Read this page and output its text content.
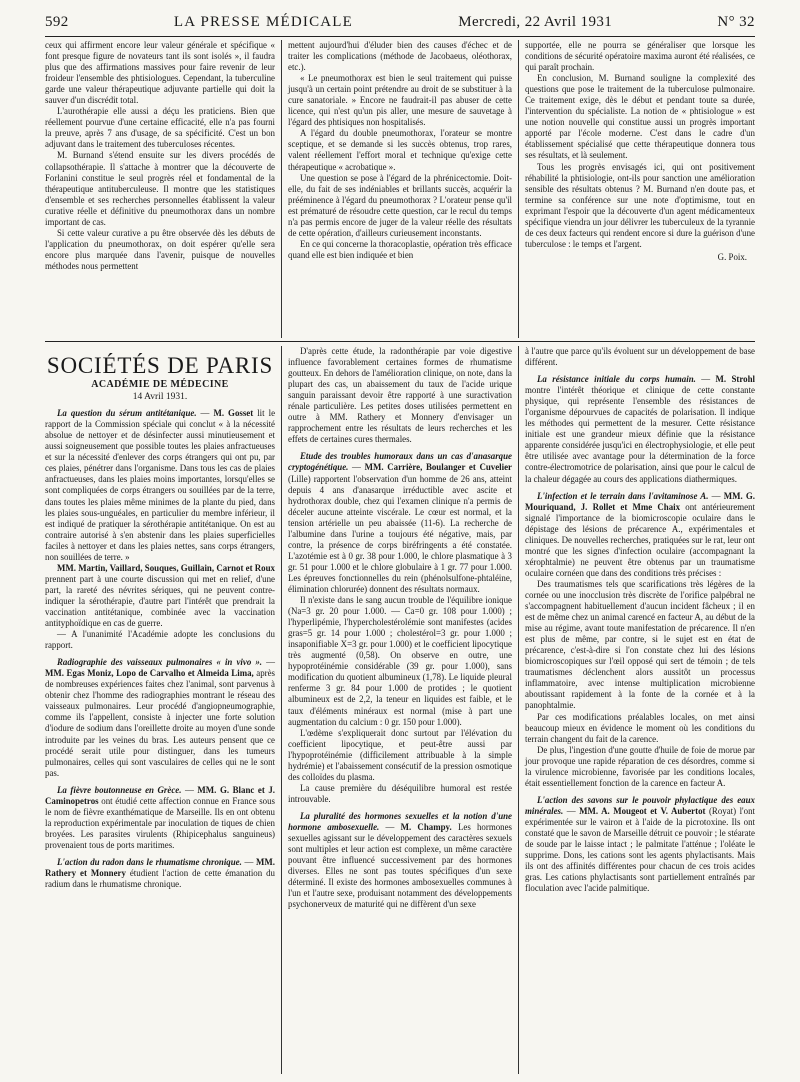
592	LA PRESSE MÉDICALE	Mercredi, 22 Avril 1931	N° 32

ceux qui affirment encore leur valeur générale et spécifique « font presque figure de novateurs tant ils sont isolés », il faudra plus que des affirmations massives pour faire revenir de leur froideur l'ensemble des phtisiologues. Cependant, la tuberculine garde une valeur thérapeutique adjuvante partielle qui doit la sauver d'un discrédit total.

L'aurothérapie elle aussi a déçu les praticiens. Bien que réellement pourvue d'une certaine efficacité, elle n'a pas fourni la preuve, après 7 ans d'usage, de sa spécificité. C'est un bon adjuvant dans le traitement des tuberculoses récentes.

M. Burnand s'étend ensuite sur les divers procédés de collapsothérapie. Il s'attache à montrer que la découverte de Forlanini constitue le seul progrès réel et fondamental de la thérapeutique antituberculeuse. Il montre que les statistiques d'ensemble et ses recherches personnelles établissent la valeur curative réelle et définitive du pneumothorax dans un nombre important de cas.

Si cette valeur curative a pu être observée dès les débuts de l'application du pneumothorax, on doit espérer qu'elle sera encore plus marquée dans l'avenir, puisque de nouvelles méthodes nous permettent

mettent aujourd'hui d'éluder bien des causes d'échec et de traiter les complications (méthode de Jacobaeus, oléothorax, etc.).

« Le pneumothorax est bien le seul traitement qui puisse jusqu'à un certain point prétendre au droit de se substituer à la cure sanatoriale. » Encore ne faudrait-il pas abuser de cette licence, qui n'est qu'un pis aller, une mesure de sauvetage à l'égard des phtisiques non hospitalisés.

A l'égard du double pneumothorax, l'orateur se montre sceptique, et se demande si les succès obtenus, trop rares, valent réellement l'effort moral et technique qu'exige cette thérapeutique « acrobatique ».

Une question se pose à l'égard de la phrénicectomie. Doit-elle, du fait de ses indéniables et brillants succès, acquérir la prééminence à l'égard du pneumothorax ? L'orateur pense qu'il est prématuré de résoudre cette question, car le recul du temps n'a pas permis encore de juger de la valeur réelle des résultats de cette opération, d'ailleurs curieusement inconstants.

En ce qui concerne la thoracoplastie, opération très efficace quand elle est bien indiquée et bien

supportée, elle ne pourra se généraliser que lorsque les conditions de sécurité opératoire maxima auront été réalisées, ce qui paraît prochain.

En conclusion, M. Burnand souligne la complexité des questions que pose le traitement de la tuberculose pulmonaire. Ce traitement exige, dès le début et pendant toute sa durée, l'intervention du spécialiste. La notion de « phtisiologue » est une notion nouvelle qui constitue aussi un progrès important apporté par l'école moderne. C'est dans le cadre d'un établissement spécialisé que cette thérapeutique donnera tous ses résultats, et là seulement.

Tous les progrès envisagés ici, qui ont positivement réhabilité la phtisiologie, ont-ils pour sanction une amélioration sensible des résultats obtenus ? M. Burnand n'en doute pas, et termine sa conférence sur une note d'optimisme, tout en exprimant l'espoir que la découverte d'un agent médicamenteux spécifique viendra un jour délivrer les tuberculeux de la tyrannie de ces deux facteurs qui rendent encore si dure la guérison d'une tuberculose : le temps et l'argent.

G. Poix.
SOCIÉTÉS DE PARIS
ACADÉMIE DE MÉDECINE
14 Avril 1931.

La question du sérum antitétanique. — M. Gosset lit le rapport de la Commission spéciale qui conclut « à la nécessité absolue de nettoyer et de désinfecter aussi minutieusement et aussi soigneusement que possible toutes les plaies anfractueuses et sur la nécessité d'enlever des corps étrangers qui ont pu, par ces plaies, pénétrer dans l'organisme. Dans tous les cas de plaies anfractueuses, dans les plaies moins importantes, lorsqu'elles se sont compliquées de corps étrangers ou souillées par de la terre, dans toutes les plaies même minimes de la plante du pied, dans les plaies sous-unguéales, en particulier du membre inférieur, il est indiqué de pratiquer la sérothérapie antitétanique. On est au contraire autorisé à s'en abstenir dans les plaies superficielles faciles à nettoyer et dans les plaies nettes, sans corps étrangers, non souillées de terre. »

MM. Martin, Vaillard, Souques, Guillain, Carnot et Roux prennent part à une courte discussion qui met en relief, d'une part, la rareté des névrites sériques, qui ne peuvent contre-indiquer la sérothérapie, d'autre part l'intérêt que prendrait la vaccination antitétanique, combinée avec la vaccination antityphoïdique en cas de guerre.

— A l'unanimité l'Académie adopte les conclusions du rapport.

Radiographie des vaisseaux pulmonaires « in vivo ». — MM. Egas Moniz, Lopo de Carvalho et Almeida Lima, après de nombreuses expériences faites chez l'animal, sont parvenus à obtenir chez l'homme des radiographies montrant le réseau des vaisseaux pulmonaires. Leur procédé d'angiopneumographie, comme ils l'appellent, consiste à injecter une forte solution d'iodure de sodium dans l'oreillette droite au moyen d'une sonde introduite par les veines du bras. Les auteurs pensent que ce procédé serait utile pour distinguer, dans les tumeurs pulmonaires, celles qui sont vasculaires de celles qui ne le sont pas.

La fièvre boutonneuse en Grèce. — MM. G. Blanc et J. Caminopetros ont étudié cette affection connue en France sous le nom de fièvre exanthématique de Marseille. Ils en ont obtenu la reproduction expérimentale par inoculation de tiques de chien broyées. Les parasites virulents (Rhipicephalus sanguineus) provenaient tous de ports maritimes.

L'action du radon dans le rhumatisme chronique. — MM. Rathery et Monnery étudient l'action de cette émanation du radium dans le rhumatisme chronique.

D'après cette étude, la radonthérapie par voie digestive influence favorablement certaines formes de rhumatisme goutteux. En dehors de l'amélioration clinique, on note, dans la plupart des cas, un abaissement du taux de l'acide urique sanguin paraissant devoir être rapporté à une suractivation rénale particulière. Les petites doses utilisées permettent en outre à MM. Rathery et Monnery d'envisager un rapprochement entre les résultats de leurs recherches et les effets de certaines cures thermales.

Etude des troubles humoraux dans un cas d'anasarque cryptogénétique. — MM. Carrière, Boulanger et Cuvelier (Lille) rapportent l'observation d'un homme de 26 ans, atteint depuis 4 ans d'anasarque irréductible avec ascite et hydrothorax double, chez qui l'examen clinique n'a permis de déceler aucune atteinte viscérale. Le cœur est normal, et la tension artérielle un peu abaissée (11-6). La recherche de l'albumine dans l'urine a toujours été négative, mais, par contre, la présence de corps biréfringents a été constatée. L'azotémie est à 0 gr. 38 pour 1.000, le chlore plasmatique à 3 gr. 51 pour 1.000 et le chlore globulaire à 1 gr. 77 pour 1.000. Les épreuves fonctionnelles du rein (phénolsulfone-phtaléine, élimination chlorurée) donnent des résultats normaux.

Il n'existe dans le sang aucun trouble de l'équilibre ionique (Na=3 gr. 20 pour 1.000. — Ca=0 gr. 108 pour 1.000) ; l'hyperlipémie, l'hypercholestérolémie sont manifestes (acides gras=5 gr. 14 pour 1.000 ; cholestérol=3 gr. pour 1.000 ; insaponifiable X=3 gr. pour 1.000) et le coefficient lipocytique très augmenté (0,58). On observe en outre, une hypoprotéinémie considérable (39 gr. pour 1.000), sans modification du quotient albumineux (1,78). Le liquide pleural renferme 3 gr. 84 pour 1.000 de protides ; le quotient albumineux est de 2,2, la teneur en liquides est faible, et le taux d'éléments minéraux est normal (mise à part une augmentation du calcium : 0 gr. 150 pour 1.000).

L'œdème s'expliquerait donc surtout par l'élévation du coefficient lipocytique, et peut-être aussi par l'hypoprotéinémie (difficilement attribuable à la simple hydrémie) et l'abaissement consécutif de la pression osmotique des colloïdes du plasma.

La cause première du déséquilibre humoral est restée introuvable.

La pluralité des hormones sexuelles et la notion d'une hormone ambosexuelle. — M. Champy. Les hormones sexuelles agissant sur le développement des caractères sexuels sont multiples et leur action est complexe, un même caractère pouvant être influencé successivement par des hormones diverses. Elles ne sont pas toutes spécifiques d'un sexe déterminé. Il existe des hormones ambosexuelles communes à l'un et l'autre sexe, produisant notamment des développements psychonerveux de maturité qui ne diffèrent d'un sexe

à l'autre que parce qu'ils évoluent sur un développement de base différent.

La résistance initiale du corps humain. — M. Strohl montre l'intérêt théorique et clinique de cette constante physique, qui représente l'ensemble des résistances de l'organisme dépourvues de capacités de polarisation. Il indique les méthodes qui permettent de la mesurer. Cette résistance initiale est une grandeur mieux définie que la résistance apparente considérée jusqu'ici en électrophysiologie, et elle peut être utilisée avec avantage pour la détermination de la force contre-électromotrice de polarisation, ainsi que pour le calcul de la chaleur dégagée au cours des applications diathermiques.

L'infection et le terrain dans l'avitaminose A. — MM. G. Mouriquand, J. Rollet et Mme Chaix ont antérieurement signalé l'importance de la biomicroscopie oculaire dans le dépistage des lésions de précarence A., expérimentales et cliniques. De nouvelles recherches, pratiquées sur le rat, leur ont montré que les signes d'infection oculaire (accompagnant la xérophtalmie) ne peuvent être obtenus par un traumatisme oculaire cornéen que dans des conditions très précises :

Des traumatismes tels que scarifications très légères de la cornée ou une inocclusion très discrète de l'orifice palpébral ne s'accompagnent habituellement d'aucun incident fâcheux ; il en est de même chez un animal carencé en facteur A, au début de la mise au régime, avant toute manifestation de précarence. Il n'en est plus de même, par contre, si le sujet est en état de précarence, c'est-à-dire si l'on constate chez lui des lésions biomicroscopiques sur l'œil opposé qui sert de témoin ; de tels traumatismes déclenchent alors aussitôt un processus inflammatoire, avec intense multiplication microbienne aboutissant rapidement à la fonte de la cornée et à la panophtalmie.

Par ces modifications préalables locales, on met ainsi beaucoup mieux en évidence le moment où les conditions du terrain changent du fait de la carence.

De plus, l'ingestion d'une goutte d'huile de foie de morue par jour provoque une rapide réparation de ces désordres, comme si la virulence microbienne, favorisée par les conditions locales, était essentiellement fonction de la carence en facteur A.

L'action des savons sur le pouvoir phylactique des eaux minérales. — MM. A. Mougeot et V. Aubertot (Royat) l'ont expérimentée sur le vairon et à l'aide de la picrotoxine. Ils ont constaté que le savon de Marseille détruit ce pouvoir ; le stéarate de soude par le laisse intact ; le palmitate l'atténue ; l'oléate le supprime. Dons, les cations sont les agents phylactisants. Mais ils ont des affinités différentes pour chacun de ces trois acides gras. Les cations phylactisants sont partiellement entraînés par floculation avec l'acide palmitique.
